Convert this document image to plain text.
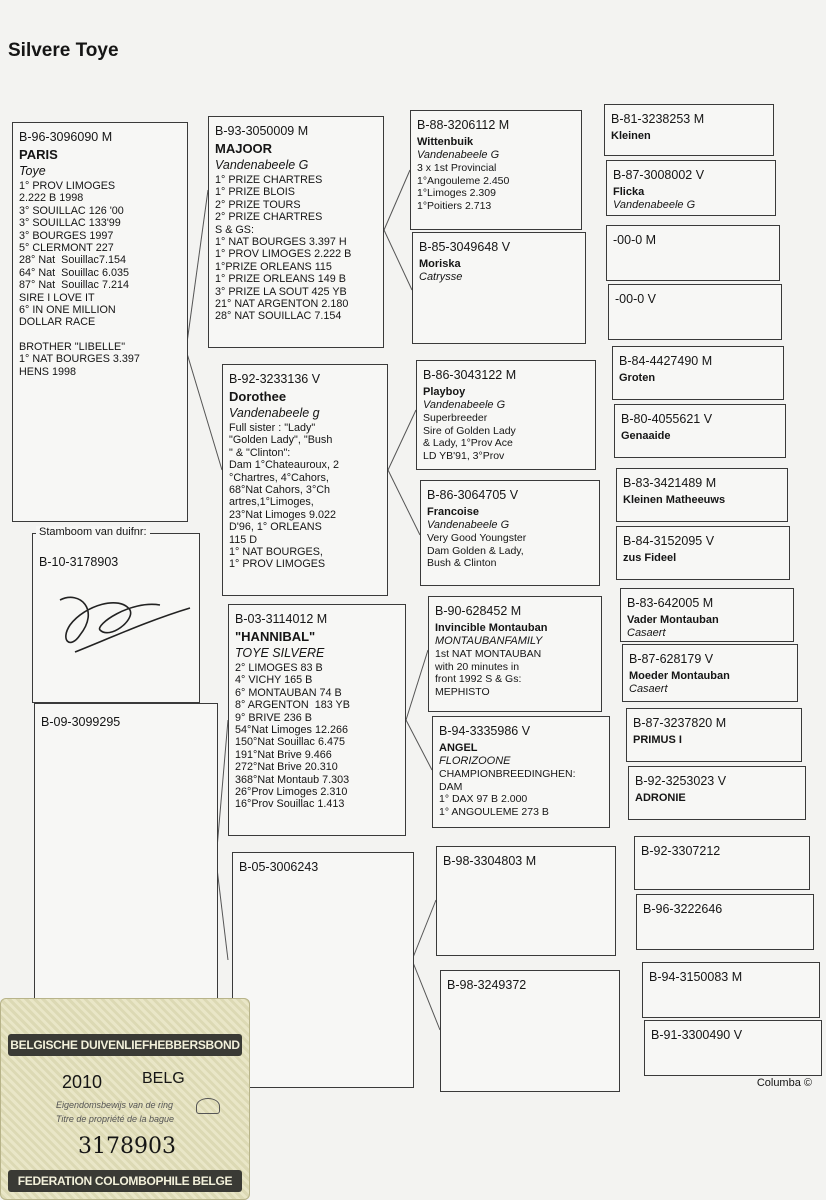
Silvere Toye
B-96-3096090 M
PARIS
Toye
1° PROV LIMOGES
2.222 B 1998
3° SOUILLAC 126 '00
3° SOUILLAC 133'99
3° BOURGES 1997
5° CLERMONT 227
28° Nat  Souillac7.154
64° Nat  Souillac 6.035
87° Nat  Souillac 7.214
SIRE I LOVE IT
6° IN ONE MILLION
DOLLAR RACE
BROTHER "LIBELLE"
1° NAT BOURGES 3.397
HENS 1998
B-10-3178903
Stamboom van duifnr:
B-09-3099295
B-93-3050009 M
MAJOOR
Vandenabeele G
1° PRIZE CHARTRES
1° PRIZE BLOIS
2° PRIZE TOURS
2° PRIZE CHARTRES
S & GS:
1° NAT BOURGES 3.397 H
1° PROV LIMOGES 2.222 B
1°PRIZE ORLEANS 115
1° PRIZE ORLEANS 149 B
3° PRIZE LA SOUT 425 YB
21° NAT ARGENTON 2.180
28° NAT SOUILLAC 7.154
B-92-3233136 V
Dorothee
Vandenabeele g
Full sister : "Lady"
"Golden Lady", "Bush
" & "Clinton":
Dam 1°Chateauroux, 2
°Chartres, 4°Cahors,
68°Nat Cahors, 3°Ch
artres,1°Limoges,
23°Nat Limoges 9.022
D'96, 1° ORLEANS
115 D
1° NAT BOURGES,
1° PROV LIMOGES
B-03-3114012 M
"HANNIBAL"
TOYE SILVERE
2° LIMOGES 83 B
4° VICHY 165 B
6° MONTAUBAN 74 B
8° ARGENTON  183 YB
9° BRIVE 236 B
54°Nat Limoges 12.266
150°Nat Souillac 6.475
191°Nat Brive 9.466
272°Nat Brive 20.310
368°Nat Montaub 7.303
26°Prov Limoges 2.310
16°Prov Souillac 1.413
B-05-3006243
B-88-3206112 M
Wittenbuik
Vandenabeele G
3 x 1st Provincial
1°Angouleme 2.450
1°Limoges 2.309
1°Poitiers 2.713
B-85-3049648 V
Moriska
Catrysse
B-86-3043122 M
Playboy
Vandenabeele G
Superbreeder
Sire of Golden Lady
& Lady, 1°Prov Ace
LD YB'91, 3°Prov
B-86-3064705 V
Francoise
Vandenabeele G
Very Good Youngster
Dam Golden & Lady,
Bush & Clinton
B-90-628452 M
Invincible Montauban
MONTAUBANFAMILY
1st NAT MONTAUBAN
with 20 minutes in
front 1992 S & Gs:
MEPHISTO
B-94-3335986 V
ANGEL
FLORIZOONE
CHAMPIONBREEDINGHEN:
DAM
1° DAX 97 B 2.000
1° ANGOULEME 273 B
B-98-3304803 M
B-98-3249372
B-81-3238253 M
Kleinen
B-87-3008002 V
Flicka
Vandenabeele G
-00-0 M
-00-0 V
B-84-4427490 M
Groten
B-80-4055621 V
Genaaide
B-83-3421489 M
Kleinen Matheeuws
B-84-3152095 V
zus Fideel
B-83-642005 M
Vader Montauban
Casaert
B-87-628179 V
Moeder Montauban
Casaert
B-87-3237820 M
PRIMUS I
B-92-3253023 V
ADRONIE
B-92-3307212
B-96-3222646
B-94-3150083 M
B-91-3300490 V
Columba ©
BELGISCHE DUIVENLIEFHEBBERSBOND
2010 BELG
Eigendomsbewijs van de ring
Titre de propriété de la bague
3178903
FEDERATION COLOMBOPHILE BELGE
